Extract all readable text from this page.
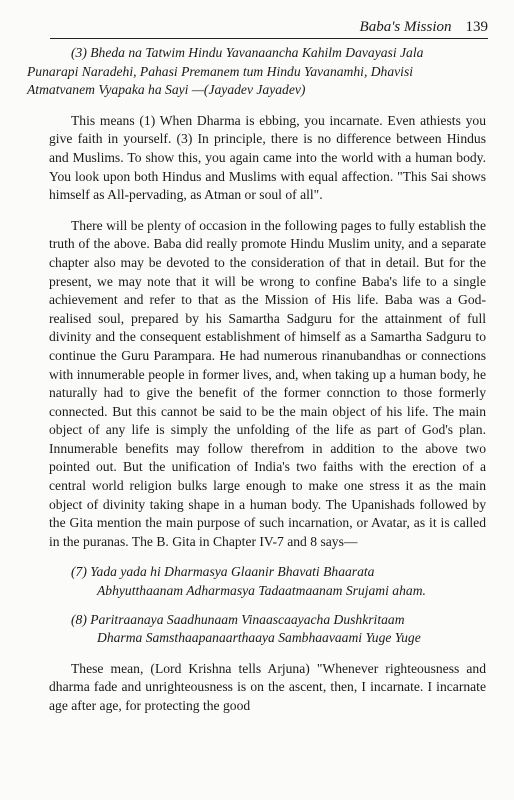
Baba's Mission 139

(3) Bheda na Tatwim Hindu Yavanaancha Kahilm Davayasi Jala
Punarapi Naradehi, Pahasi Premanem tum Hindu Yavanamhi, Dhavisi
Atmatvanem Vyapaka ha Sayi —(Jayadev Jayadev)

This means (1) When Dharma is ebbing, you incarnate. Even athiests you give faith in yourself. (3) In principle, there is no difference between Hindus and Muslims. To show this, you again came into the world with a human body. You look upon both Hindus and Muslims with equal affection. "This Sai shows himself as All-pervading, as Atman or soul of all".

There will be plenty of occasion in the following pages to fully establish the truth of the above. Baba did really promote Hindu Muslim unity, and a separate chapter also may be devoted to the consideration of that in detail. But for the present, we may note that it will be wrong to confine Baba's life to a single achievement and refer to that as the Mission of His life. Baba was a God-realised soul, prepared by his Samartha Sadguru for the attainment of full divinity and the consequent establishment of himself as a Samartha Sadguru to continue the Guru Parampara. He had numerous rinanubandhas or connections with innumerable people in former lives, and, when taking up a human body, he naturally had to give the benefit of the former connction to those formerly connected. But this cannot be said to be the main object of his life. The main object of any life is simply the unfolding of the life as part of God's plan. Innumerable benefits may follow therefrom in addition to the above two pointed out. But the unification of India's two faiths with the erection of a central world religion bulks large enough to make one stress it as the main object of divinity taking shape in a human body. The Upanishads followed by the Gita mention the main purpose of such incarnation, or Avatar, as it is called in the puranas. The B. Gita in Chapter IV-7 and 8 says—

(7) Yada yada hi Dharmasya Glaanir Bhavati Bhaarata
Abhyutthaanam Adharmasya Tadaatmaanam Srujami aham.
(8) Paritraanaya Saadhunaam Vinaascaayacha Dushkritaam
Dharma Samsthaapanaarthaaya Sambhaavaami Yuge Yuge

These mean, (Lord Krishna tells Arjuna) "Whenever righteousness and dharma fade and unrighteousness is on the ascent, then, I incarnate. I incarnate age after age, for protecting the good
